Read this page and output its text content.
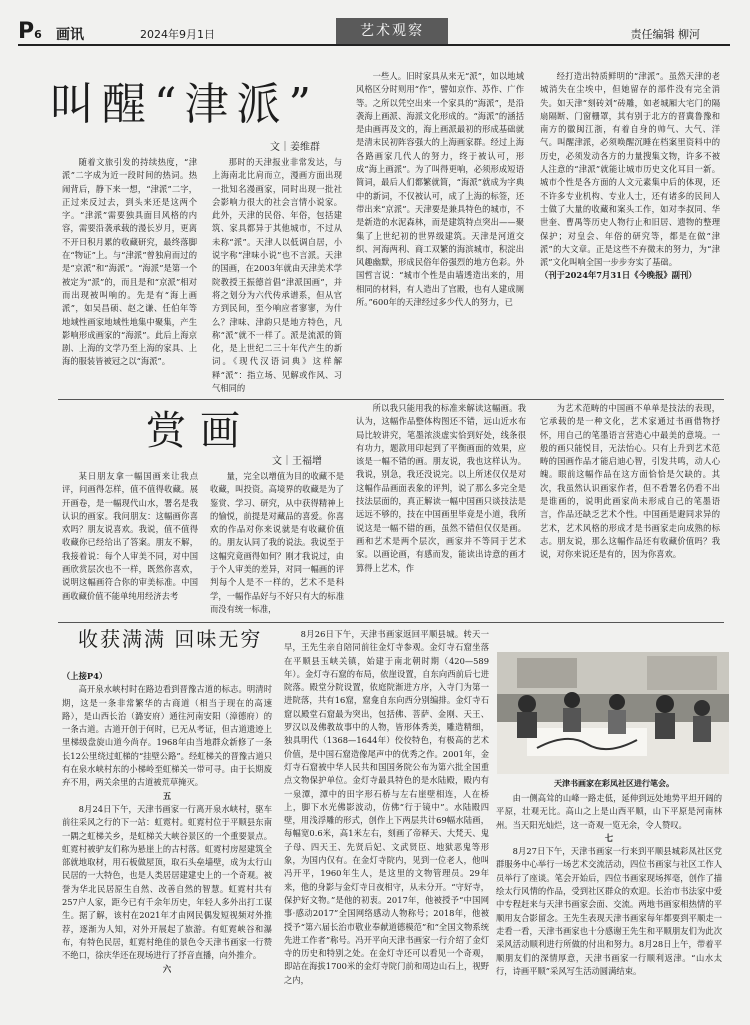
P6 画讯	2024年9月1日	艺术观察	责任编辑 柳河
叫醒“津派”
文｜姜维群

随着文旅引发的持续热度，“津派”二字成为近一段时间的热词。热闹背后，静下来一想，“津派”二字，正过来反过去，到头来还是这两个字。“津派”需要独具面目风格的内容，需要沿袭承载的漫长岁月，更离不开日积月累的收藏研究，最终落脚在“物证”上。与“津派”曾独肩而过的是“京派”和“海派”。“海派”是第一个被定为“派”的，而且是和“京派”相对而出现被叫响的。先是有“海上画派”，如吴昌硕、赵之谦、任伯年等地域性画家地域性地集中聚集，产生影响形成画家的“海派”。此后上海京剧、上海的文学乃至上海的家具、上海的服装皆被冠之以“海派”。

那时的天津报业非常发达，与上海南北比肩而立，漫画方面出现一批知名漫画家，同时出现一批社会影响力很大的社会言情小说家。此外，天津的民俗、年俗，包括建筑、家具都异于其他城市，不过从未称“派”。天津人以低调自居，小说字称“津味小说”也不言派。天津的国画，在2003年就由天津美术学院教授王振德首倡“津派国画”，并将之划分为六代传承谱系，但从官方到民间，至今响应者寥寥，为什么？津味、津韵只是地方特色，凡称“派”就不一样了。派是流派的简化，是上世纪二三十年代产生的新词。《现代汉语词典》这样解释“派”：指立场、见解或作风、习气相同的

一些人。旧时家具从来无“派”，如以地域风格区分时则用“作”，譬如京作、苏作、广作等。之所以凭空出来一个家具的“海派”，是沿袭海上画派、海派文化形成的。“海派”的涵括是由画再及文的，海上画派最初的形成基础就是清末民初阵容强大的上海画家群。经过上海各路画家几代人的努力，终于被认可，形成“海上画派”。为了叫得更响，必须形成短语简词，最后人们都繁就简，“海派”就成为字典中的新词，不仅被认可，成了上海的标签，还带出来“京派”。天津要是兼具特色的城市，不是新造的水泥森林，而是建筑特点突出——聚集了上世纪初的世界级建筑。天津是河道交织、河海两利、商工双繁的海滨城市，积淀出风趣幽默，形成民俗年俗强烈的地方色彩。外国哲言说：“城市个性是由墙透造出来的，用相同的材料，有人造出了宫殿，也有人建成厕所。”600年的天津经过多少代人的努力，已

经打造出特质鲜明的“津派”。虽然天津的老城消失在尘埃中，但她留存的部件没有完全消失。如天津“刻砖刘”砖雕，如老城厢大宅门的隔扇隔断、门窗栅罩，其有别于北方的晋冀鲁豫和南方的徽闽江浙，有着自身的帅气、大气、洋气。叫醒津派，必须唤醒沉睡在档案里资料中的历史，必须发动各方的力量搜集文物，许多不被人注意的“津派”就能让城市历史文化耳目一新。城市个性是各方面的人文元素集中后的体现，还不许多专业机构、专业人士，还有诸多的民间人士做了大量的收藏和案头工作，如对李叔同、华世奎、曹禺等历史人物行止和旧居、遗物的整理保护；对皇会、年俗的研究等，都是在做“津派”的大文章。正是这些不弃微末的努力，为“津派”文化叫响全国一步步夯实了基础。

（刊于2024年7月31日《今晚报》副刊）

赏画
文｜王福增

某日朋友拿一幅国画来让我点评，问画得怎样，值不值得收藏。展开画卷，是一幅现代山水，署名是我认识的画家。我问朋友：这幅画你喜欢吗？朋友说喜欢。我说，值不值得收藏你已经给出了答案。朋友不解，我接着说：每个人审美不同，对中国画欣赏层次也不一样，既然你喜欢，说明这幅画符合你的审美标准。中国画收藏价值不能单纯用经济去考

量，完全以增值为目的收藏不是收藏，叫投资。高境界的收藏是为了鉴赏、学习、研究，从中获得精神上的愉悦，前提是对藏品的喜爱。你喜欢的作品对你来说就是有收藏价值的。朋友认同了我的说法。我说至于这幅究竟画得如何？刚才我说过，由于个人审美的差异，对同一幅画的评判每个人是不一样的，艺术不是科学，一幅作品好与不好只有大的标准而没有统一标准，

所以我只能用我的标准来解读这幅画。我认为，这幅作品整体构图还不错，远山近水布局比较讲究，笔墨浓淡虚实恰到好处，线条很有功力，题款用印起到了平衡画面的效果，应该是一幅不错的画。朋友说，我也这样认为。我说，别急，我还没说完。以上所述仅仅是对这幅作品画面表象的评判，说了那么多完全是技法层面的，真正解读一幅中国画只谈技法是远远不够的，技在中国画里毕竟是小道，我所说这是一幅不错的画，虽然不错但仅仅是画。画和艺术是两个层次，画家并不等同于艺术家。以画论画，有感而发，能读出诗意的画才算得上艺术，作

为艺术范畴的中国画不单单是技法的表现，它承载的是一种文化，艺术家通过书画借物抒怀，用自己的笔墨语言营造心中最美的意境。一般的画只能悦目，无法怡心。只有上升到艺术范畴的国画作品才能启迪心智，引发共鸣，动人心魄。眼前这幅作品在这方面恰恰是欠缺的。其次，我虽然认识画家作者，但不看署名仍看不出是谁画的，说明此画家尚未形成自己的笔墨语言，作品还缺乏艺术个性。中国画是避同求异的艺术，艺术风格的形成才是书画家走向成熟的标志。朋友说，那么这幅作品还有收藏价值吗？我说，对你来说还是有的，因为你喜欢。

收获满满 回味无穷

（上接P4）

高开泉水峡村时在路边看到晋豫古道的标志。明清时期，这是一条非常繁华的古商道（相当于现在的高速路），是山西长治（潞安府）通往河南安阳（漳德府）的一条古道。古道开创于何时，已无从考证，但古道遗迹上里梯级盘旋山道今尚存。1968年由当地群众新修了一条长12公里绕过虹梯的“挂壁公路”。经虹梯关的晋豫古道只有在泉水峡村东的小梯岭至虹梯关一带可寻。由于长期废弃不用，两关余里的古道被荒草掩灭。

五

8月24日下午，天津书画家一行离开泉水峡村，驱车前往采风之行的下一站：虹霓村。虹霓村位于平顺县东南一隅之虹梯关乡，是虹梯关大峡谷景区的一个重要景点。虹霓村被驴友们称为悬崖上的古村落。虹霓村房屋建筑全部就地取材，用石板做屋顶，取石头垒墙壁，成为太行山民居的一大特色，也是人类居居建建史上的一个奇观。被誉为华北民居原生自然、改善自然的智慧。虹霓村共有257户人家，距今已有千余年历史，年轻人多外出打工谋生。据了解，该村在2021年才由网民偶发短视频对外推荐，逐渐为人知，对外开展起了旅游。有虹霓峡谷和瀑布，有特色民居，虹霓村绝佳的景色令天津书画家一行赞不绝口，徐庆华还在现场进行了抒音直播，向外推介。

六

8月26日下午，天津书画家返回平顺县城。转天一早，王先生亲自陪同前往金灯寺参观。金灯寺石窟坐落在平顺县玉峡关镇，始建于南北朝时期（420—589年）。金灯寺石窟的布局，依崖设置，自东向西前后七进院落。殿堂分院设置，依庭院渐进方序，入寺门为第一进院落，共有16窟，窟龛自东向西分别编排。金灯寺石窟以殿堂石窟最为突出，包括佛、菩萨、金刚、天王、罗汉以及佛教故事中的人物，皆形体秀美，雕造精细，独具明代（1368—1644年）佼佼特色，有极高的艺术价值，是中国石窟造像尾声中的优秀之作。2001年，金灯寺石窟被中华人民共和国国务院公布为第六批全国重点文物保护单位。金灯寺最具特色的是水陆殿，殿内有一泉潭，潭中的田字形石桥与左右崖壁相连，人在桥上，脚下水光佛影波动，仿佛“行于镜中”。水陆殿四壁，用浅浮雕的形式，创作上下两层共计69幅水陆画，每幅宽0.6米，高1米左右，刻画了帝释天、大梵天、鬼子母、四天王、先贤后妃、文武贤臣、地狱恶鬼等形象，为国内仅有。在金灯寺院内，见到一位老人，他叫冯开平，1960年生人，是这里的文物管理员。29年来，他的身影与金灯寺日夜相守，从未分开。“守好寺，保护好文物。”是他的初衷。2017年，他被授予“中国网事·感动2017”全国网络感动人物称号；2018年，他被授予“第六届长治市敬业奉献道德模范”和“全国文物系统先进工作者”称号。冯开平向天津书画家一行介绍了金灯寺的历史和特别之处。在金灯寺还可以看见一个奇观，即站在海拔1700米的金灯寺院门前和周边山石上，视野之内，

天津书画家在彩凤社区进行笔会。

由一侧高耸的山峰一路走低，延伸到远处地势平坦开阔的平原，壮观无比。高山之上是山西平顺，山下平原是河南林州。当天阳光灿烂，这一奇观一览无余，令人赞叹。

七

8月27日下午，天津书画家一行来到平顺县城彩凤社区党群服务中心举行一场艺术交流活动，四位书画家与社区工作人员举行了座谈。笔会开始后，四位书画家现场挥毫，创作了描绘太行风情的作品，受到社区群众的欢迎。长治市书法家中爱中专程赶来与天津书画家会面、交流。两地书画家相热情的平顺用友合影留念。王先生表现天津书画家每年都要到平顺走一走看一看，天津书画家也十分感谢王先生和平顺朋友们为此次采风活动顺利进行所做的付出和努力。8月28日上午，带着平顺朋友们的深情厚意，天津书画家一行顺利返津。“山水太行，诗画平顺”采风写生活动圆满结束。
